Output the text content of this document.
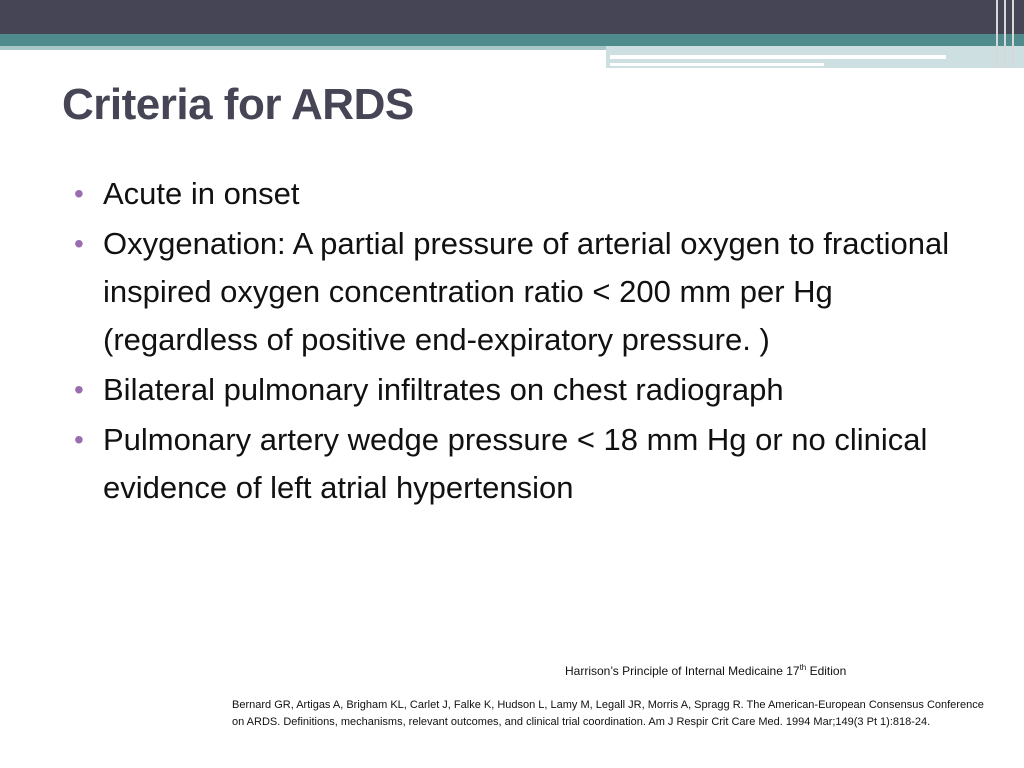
Criteria for ARDS
• Acute in onset
• Oxygenation: A partial pressure of arterial oxygen to fractional inspired oxygen concentration ratio < 200 mm per Hg (regardless of positive end-expiratory pressure. )
• Bilateral pulmonary infiltrates on chest radiograph
• Pulmonary artery wedge pressure < 18 mm Hg or no clinical evidence of left atrial hypertension
Harrison’s Principle of Internal Medicaine 17th Edition
Bernard GR, Artigas A, Brigham KL, Carlet J, Falke K, Hudson L, Lamy M, Legall JR, Morris A, Spragg R. The American-European Consensus Conference on ARDS. Definitions, mechanisms, relevant outcomes, and clinical trial coordination. Am J Respir Crit Care Med. 1994 Mar;149(3 Pt 1):818-24.
